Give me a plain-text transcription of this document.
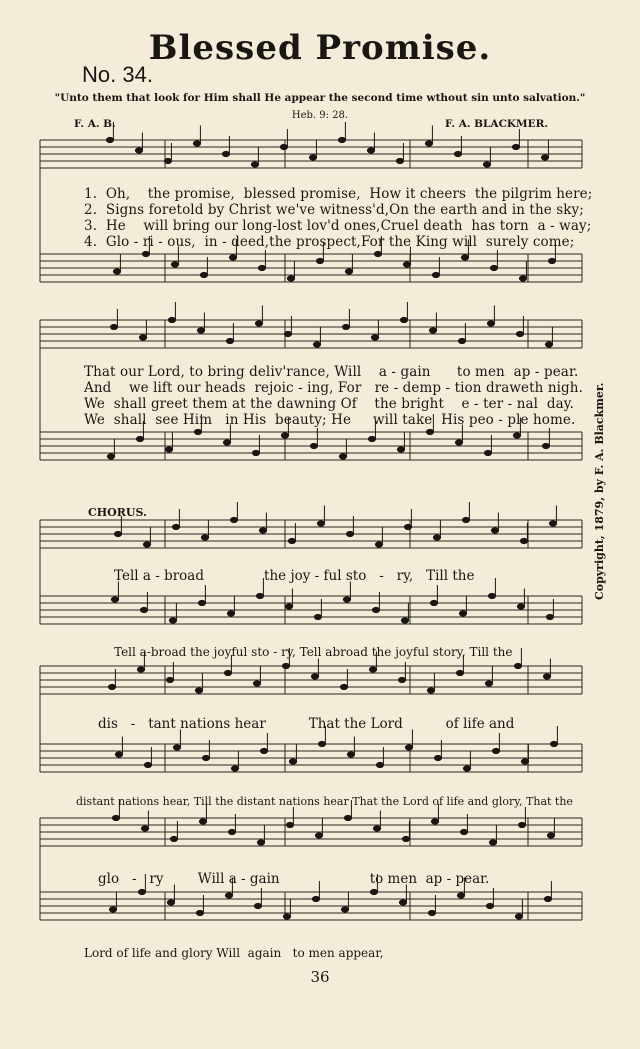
Blessed Promise.
No. 34.
"Unto them that look for Him shall He appear the second time wthout sin unto salvation."
Heb. 9: 28.
F. A. B.	F. A. BLACKMER.
1.  Oh,    the promise,  blessed promise,  How it cheers  the pilgrim here;
2.  Signs foretold by Christ we've witness'd,On the earth and in the sky;
3.  He    will bring our long-lost lov'd ones,Cruel death  has torn  a - way;
4.  Glo - ri - ous,  in - deed,the prospect,For the King will  surely come;
That our Lord, to bring deliv'rance, Will    a - gain      to men  ap - pear.
And    we lift our heads  rejoic - ing, For   re - demp - tion draweth nigh.
We  shall greet them at the dawning Of    the bright    e - ter - nal  day.
We  shall  see Him   in His  beauty; He     will take  His peo - ple home.
CHORUS.
Tell a - broad              the joy - ful sto   -   ry,   Till the
Tell a-broad the joyful sto - ry, Tell abroad the joyful story, Till the
dis   -   tant nations hear          That the Lord          of life and
distant nations hear, Till the distant nations hear That the Lord of life and glory, That the
glo   -   ry        Will a - gain                     to men  ap - pear.
Lord of life and glory Will  again   to men appear,
Copyright, 1879, by F. A. Blackmer.
36
